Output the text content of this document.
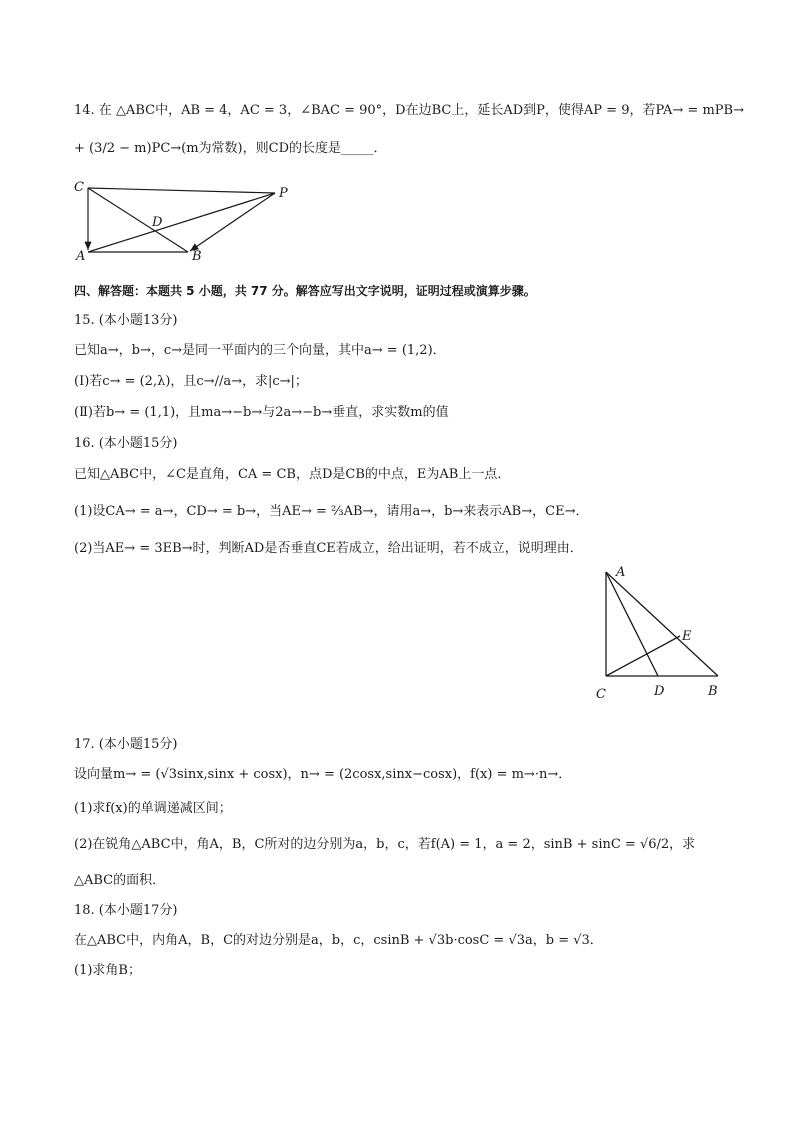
14. 在 △ABC中，AB = 4，AC = 3，∠BAC = 90°，D在边BC上，延长AD到P，使得AP = 9，若PA→ = mPB→
+ (3/2 − m)PC→(m为常数)，则CD的长度是_____．
C	P
D
A	B
四、解答题：本题共 5 小题，共 77 分。解答应写出文字说明，证明过程或演算步骤。
15. (本小题13分)
已知a→，b→，c→是同一平面内的三个向量，其中a→ = (1,2)．
(Ⅰ)若c→ = (2,λ)，且c→//a→，求|c→|；
(Ⅱ)若b→ = (1,1)，且ma→−b→与2a→−b→垂直，求实数m的值
16. (本小题15分)
已知△ABC中，∠C是直角，CA = CB，点D是CB的中点，E为AB上一点．
(1)设CA→ = a→，CD→ = b→，当AE→ = ⅔AB→，请用a→，b→来表示AB→，CE→．
(2)当AE→ = 3EB→时，判断AD是否垂直CE若成立，给出证明，若不成立，说明理由．
A
E
C	D	B
17. (本小题15分)
设向量m→ = (√3sinx,sinx + cosx)，n→ = (2cosx,sinx−cosx)，f(x) = m→·n→．
(1)求f(x)的单调递减区间；
(2)在锐角△ABC中，角A，B，C所对的边分别为a，b，c，若f(A) = 1，a = 2，sinB + sinC = √6/2，求
△ABC的面积．
18. (本小题17分)
在△ABC中，内角A，B，C的对边分别是a，b，c，csinB + √3b·cosC = √3a，b = √3．
(1)求角B；
